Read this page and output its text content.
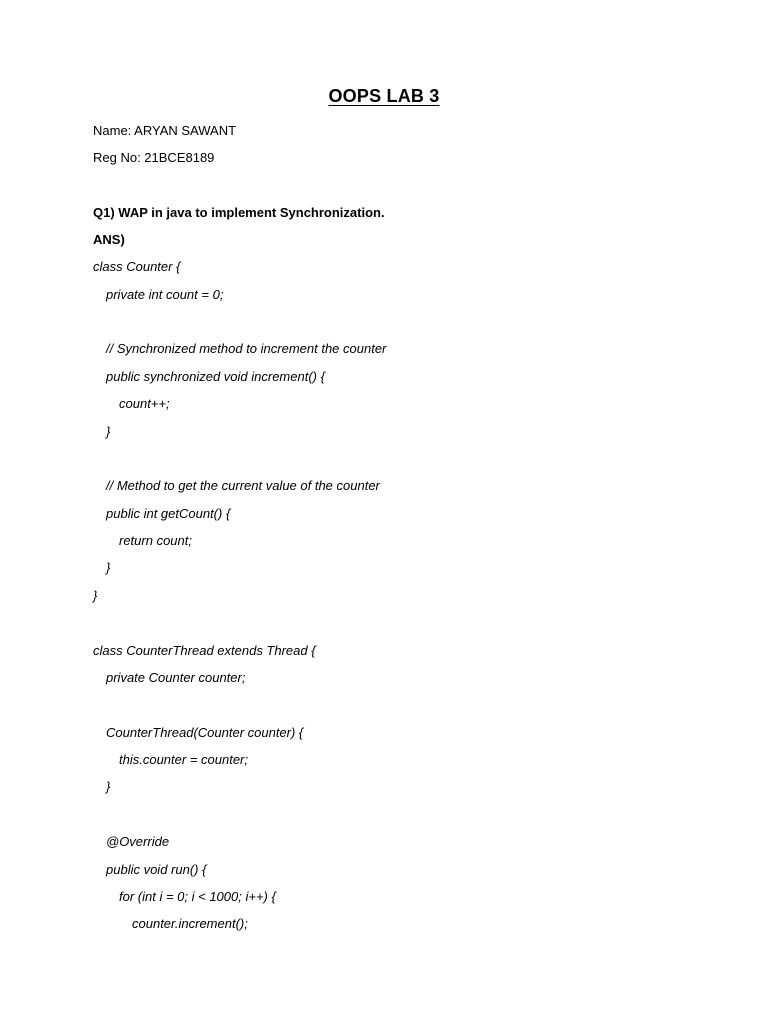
OOPS LAB 3
Name: ARYAN SAWANT
Reg No: 21BCE8189
Q1) WAP in java to implement Synchronization.
ANS)
class Counter {
private int count = 0;
// Synchronized method to increment the counter
public synchronized void increment() {
count++;
}
// Method to get the current value of the counter
public int getCount() {
return count;
}
}
class CounterThread extends Thread {
private Counter counter;
CounterThread(Counter counter) {
this.counter = counter;
}
@Override
public void run() {
for (int i = 0; i < 1000; i++) {
counter.increment();
